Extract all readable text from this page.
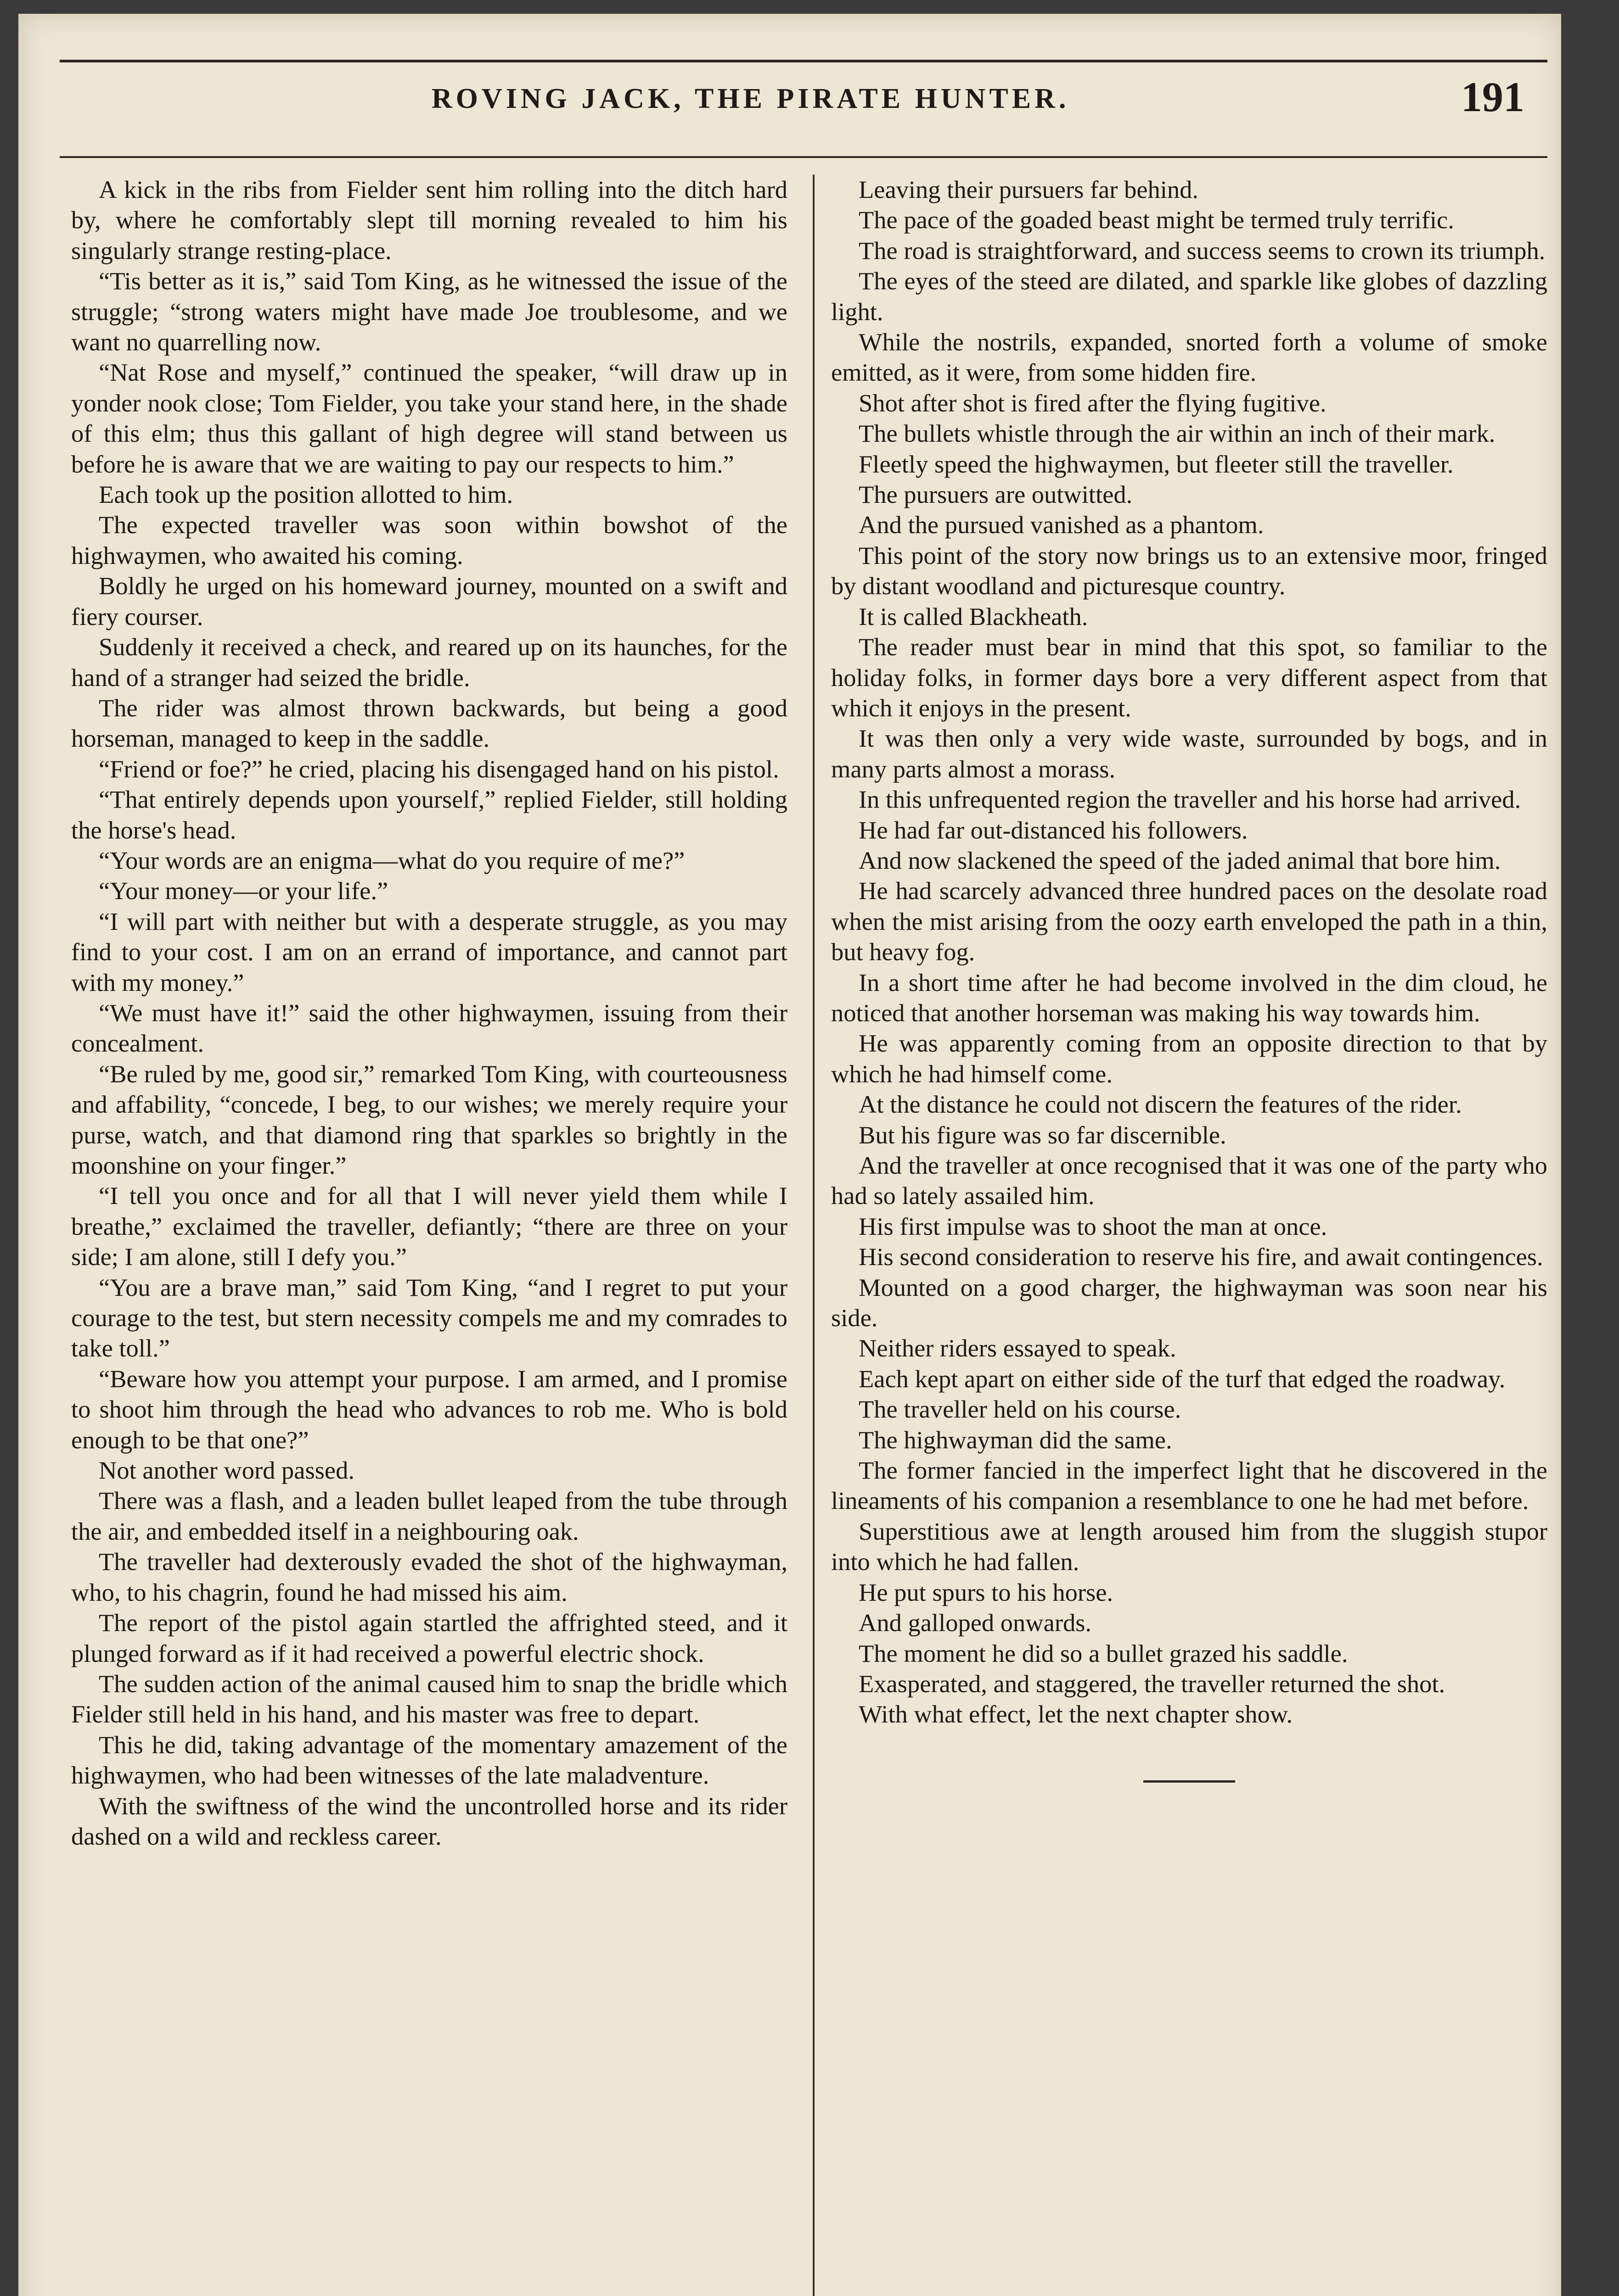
ROVING JACK, THE PIRATE HUNTER.	191

A kick in the ribs from Fielder sent him rolling into the ditch hard by, where he comfortably slept till morning revealed to him his singularly strange resting-place.

“Tis better as it is,” said Tom King, as he witnessed the issue of the struggle; “strong waters might have made Joe troublesome, and we want no quarrelling now.

“Nat Rose and myself,” continued the speaker, “will draw up in yonder nook close; Tom Fielder, you take your stand here, in the shade of this elm; thus this gallant of high degree will stand between us before he is aware that we are waiting to pay our respects to him.”

Each took up the position allotted to him.

The expected traveller was soon within bowshot of the highwaymen, who awaited his coming.

Boldly he urged on his homeward journey, mounted on a swift and fiery courser.

Suddenly it received a check, and reared up on its haunches, for the hand of a stranger had seized the bridle.

The rider was almost thrown backwards, but being a good horseman, managed to keep in the saddle.

“Friend or foe?” he cried, placing his disengaged hand on his pistol.

“That entirely depends upon yourself,” replied Fielder, still holding the horse's head.

“Your words are an enigma—what do you require of me?”

“Your money—or your life.”

“I will part with neither but with a desperate struggle, as you may find to your cost. I am on an errand of importance, and cannot part with my money.”

“We must have it!” said the other highwaymen, issuing from their concealment.

“Be ruled by me, good sir,” remarked Tom King, with courteousness and affability, “concede, I beg, to our wishes; we merely require your purse, watch, and that diamond ring that sparkles so brightly in the moonshine on your finger.”

“I tell you once and for all that I will never yield them while I breathe,” exclaimed the traveller, defiantly; “there are three on your side; I am alone, still I defy you.”

“You are a brave man,” said Tom King, “and I regret to put your courage to the test, but stern necessity compels me and my comrades to take toll.”

“Beware how you attempt your purpose. I am armed, and I promise to shoot him through the head who advances to rob me. Who is bold enough to be that one?”

Not another word passed.

There was a flash, and a leaden bullet leaped from the tube through the air, and embedded itself in a neighbouring oak.

The traveller had dexterously evaded the shot of the highwayman, who, to his chagrin, found he had missed his aim.

The report of the pistol again startled the affrighted steed, and it plunged forward as if it had received a powerful electric shock.

The sudden action of the animal caused him to snap the bridle which Fielder still held in his hand, and his master was free to depart.

This he did, taking advantage of the momentary amazement of the highwaymen, who had been witnesses of the late maladventure.

With the swiftness of the wind the uncontrolled horse and its rider dashed on a wild and reckless career.

Leaving their pursuers far behind.

The pace of the goaded beast might be termed truly terrific.

The road is straightforward, and success seems to crown its triumph.

The eyes of the steed are dilated, and sparkle like globes of dazzling light.

While the nostrils, expanded, snorted forth a volume of smoke emitted, as it were, from some hidden fire.

Shot after shot is fired after the flying fugitive.

The bullets whistle through the air within an inch of their mark.

Fleetly speed the highwaymen, but fleeter still the traveller.

The pursuers are outwitted.

And the pursued vanished as a phantom.

This point of the story now brings us to an extensive moor, fringed by distant woodland and picturesque country.

It is called Blackheath.

The reader must bear in mind that this spot, so familiar to the holiday folks, in former days bore a very different aspect from that which it enjoys in the present.

It was then only a very wide waste, surrounded by bogs, and in many parts almost a morass.

In this unfrequented region the traveller and his horse had arrived.

He had far out-distanced his followers.

And now slackened the speed of the jaded animal that bore him.

He had scarcely advanced three hundred paces on the desolate road when the mist arising from the oozy earth enveloped the path in a thin, but heavy fog.

In a short time after he had become involved in the dim cloud, he noticed that another horseman was making his way towards him.

He was apparently coming from an opposite direction to that by which he had himself come.

At the distance he could not discern the features of the rider.

But his figure was so far discernible.

And the traveller at once recognised that it was one of the party who had so lately assailed him.

His first impulse was to shoot the man at once.

His second consideration to reserve his fire, and await contingences.

Mounted on a good charger, the highwayman was soon near his side.

Neither riders essayed to speak.

Each kept apart on either side of the turf that edged the roadway.

The traveller held on his course.

The highwayman did the same.

The former fancied in the imperfect light that he discovered in the lineaments of his companion a resemblance to one he had met before.

Superstitious awe at length aroused him from the sluggish stupor into which he had fallen.

He put spurs to his horse.

And galloped onwards.

The moment he did so a bullet grazed his saddle.

Exasperated, and staggered, the traveller returned the shot.

With what effect, let the next chapter show.
